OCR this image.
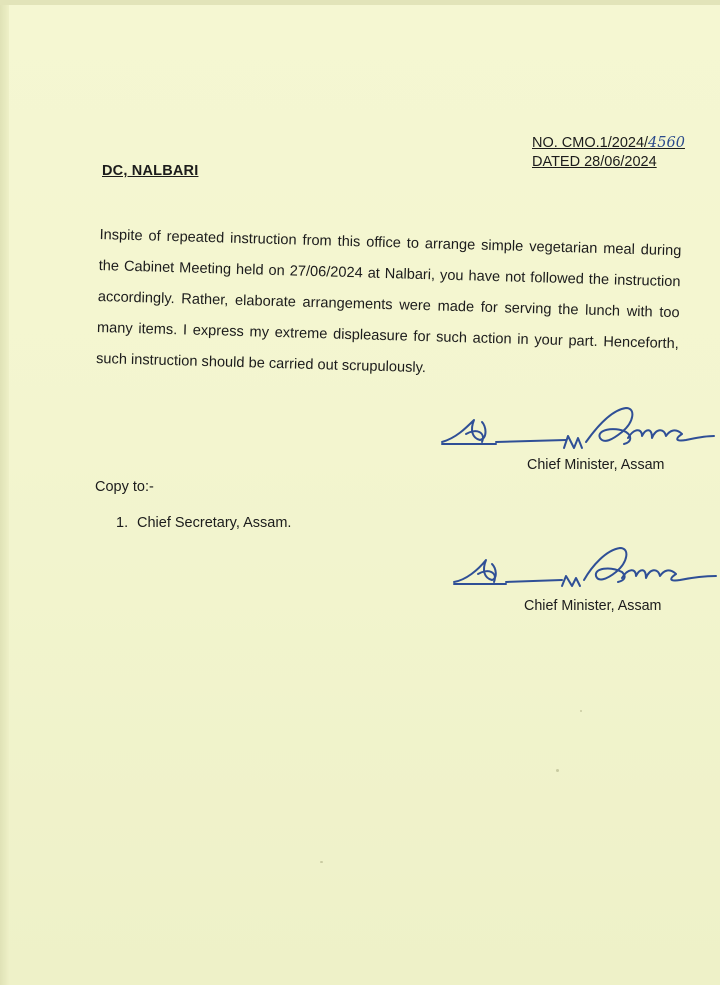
NO. CMO.1/2024/4560
DATED 28/06/2024
DC, NALBARI
Inspite of repeated instruction from this office to arrange simple vegetarian meal during the Cabinet Meeting held on 27/06/2024 at Nalbari, you have not followed the instruction accordingly. Rather, elaborate arrangements were made for serving the lunch with too many items. I express my extreme displeasure for such action in your part. Henceforth, such instruction should be carried out scrupulously.
Chief Minister, Assam
Copy to:-
1. Chief Secretary, Assam.
Chief Minister, Assam
